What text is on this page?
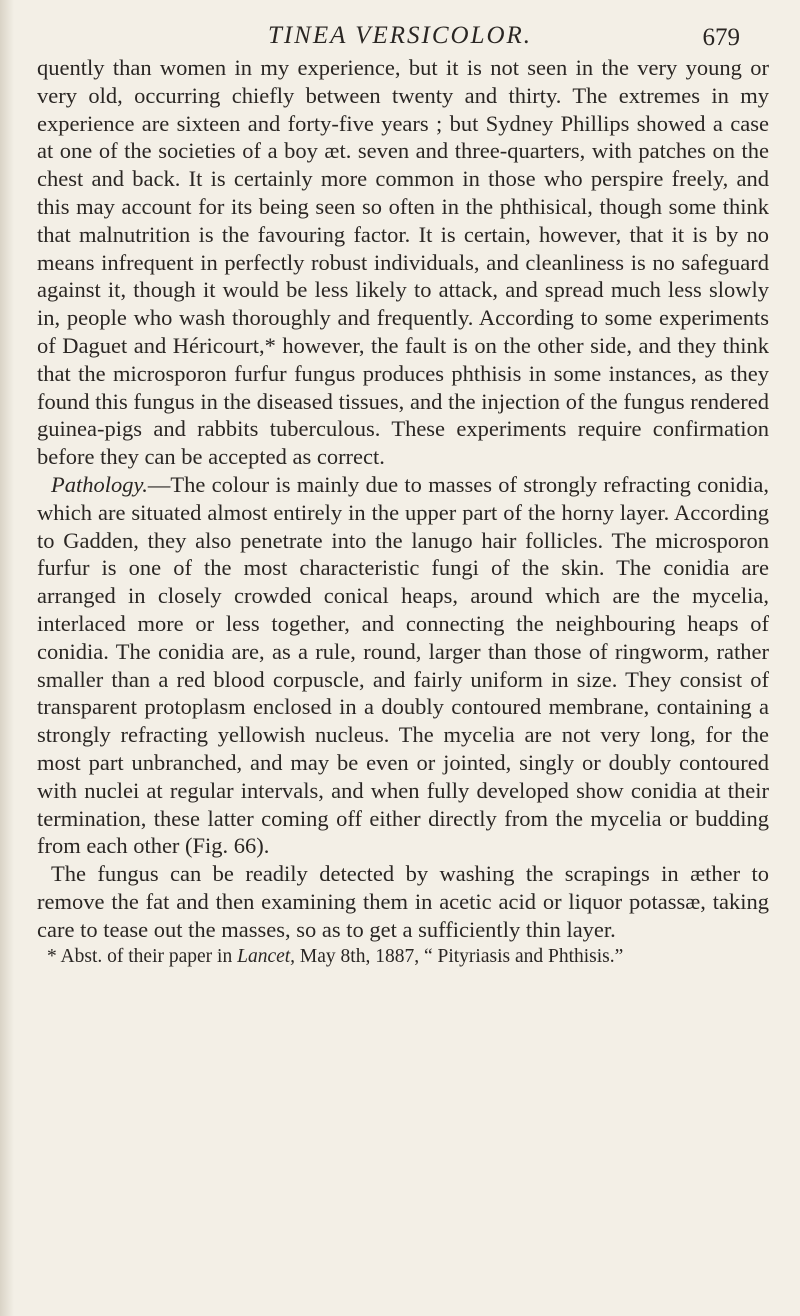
TINEA VERSICOLOR.	679

quently than women in my experience, but it is not seen in the very young or very old, occurring chiefly between twenty and thirty. The extremes in my experience are sixteen and forty-five years ; but Sydney Phillips showed a case at one of the societies of a boy æt. seven and three-quarters, with patches on the chest and back. It is certainly more common in those who perspire freely, and this may account for its being seen so often in the phthisical, though some think that malnutrition is the favouring factor. It is certain, however, that it is by no means infrequent in perfectly robust individuals, and cleanliness is no safeguard against it, though it would be less likely to attack, and spread much less slowly in, people who wash thoroughly and frequently. According to some experiments of Daguet and Héricourt,* however, the fault is on the other side, and they think that the microsporon furfur fungus produces phthisis in some instances, as they found this fungus in the diseased tissues, and the injection of the fungus rendered guinea-pigs and rabbits tuberculous. These experiments require confirmation before they can be accepted as correct.

Pathology.—The colour is mainly due to masses of strongly refracting conidia, which are situated almost entirely in the upper part of the horny layer. According to Gadden, they also penetrate into the lanugo hair follicles. The microsporon furfur is one of the most characteristic fungi of the skin. The conidia are arranged in closely crowded conical heaps, around which are the mycelia, interlaced more or less together, and connecting the neighbouring heaps of conidia. The conidia are, as a rule, round, larger than those of ringworm, rather smaller than a red blood corpuscle, and fairly uniform in size. They consist of transparent protoplasm enclosed in a doubly contoured membrane, containing a strongly refracting yellowish nucleus. The mycelia are not very long, for the most part unbranched, and may be even or jointed, singly or doubly contoured with nuclei at regular intervals, and when fully developed show conidia at their termination, these latter coming off either directly from the mycelia or budding from each other (Fig. 66).

The fungus can be readily detected by washing the scrapings in æther to remove the fat and then examining them in acetic acid or liquor potassæ, taking care to tease out the masses, so as to get a sufficiently thin layer.

* Abst. of their paper in Lancet, May 8th, 1887, “ Pityriasis and Phthisis.”
